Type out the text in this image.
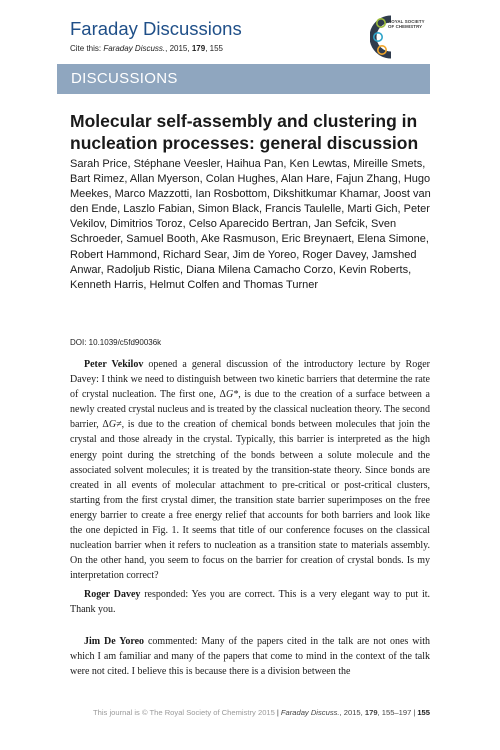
Faraday Discussions
Cite this: Faraday Discuss., 2015, 179, 155
ROYAL SOCIETY OF CHEMISTRY
DISCUSSIONS
Molecular self-assembly and clustering in nucleation processes: general discussion
Sarah Price, Stéphane Veesler, Haihua Pan, Ken Lewtas, Mireille Smets, Bart Rimez, Allan Myerson, Colan Hughes, Alan Hare, Fajun Zhang, Hugo Meekes, Marco Mazzotti, Ian Rosbottom, Dikshitkumar Khamar, Joost van den Ende, Laszlo Fabian, Simon Black, Francis Taulelle, Marti Gich, Peter Vekilov, Dimitrios Toroz, Celso Aparecido Bertran, Jan Sefcik, Sven Schroeder, Samuel Booth, Ake Rasmuson, Eric Breynaert, Elena Simone, Robert Hammond, Richard Sear, Jim de Yoreo, Roger Davey, Jamshed Anwar, Radoljub Ristic, Diana Milena Camacho Corzo, Kevin Roberts, Kenneth Harris, Helmut Colfen and Thomas Turner
DOI: 10.1039/c5fd90036k
Peter Vekilov opened a general discussion of the introductory lecture by Roger Davey: I think we need to distinguish between two kinetic barriers that determine the rate of crystal nucleation. The first one, ΔG*, is due to the creation of a surface between a newly created crystal nucleus and is treated by the classical nucleation theory. The second barrier, ΔG≠, is due to the creation of chemical bonds between molecules that join the crystal and those already in the crystal. Typically, this barrier is interpreted as the high energy point during the stretching of the bonds between a solute molecule and the associated solvent molecules; it is treated by the transition-state theory. Since bonds are created in all events of molecular attachment to pre-critical or post-critical clusters, starting from the first crystal dimer, the transition state barrier superimposes on the free energy barrier to create a free energy relief that accounts for both barriers and look like the one depicted in Fig. 1. It seems that title of our conference focuses on the classical nucleation barrier when it refers to nucleation as a transition state to materials assembly. On the other hand, you seem to focus on the barrier for creation of crystal bonds. Is my interpretation correct?
Roger Davey responded: Yes you are correct. This is a very elegant way to put it. Thank you.
Jim De Yoreo commented: Many of the papers cited in the talk are not ones with which I am familiar and many of the papers that come to mind in the context of the talk were not cited. I believe this is because there is a division between the
This journal is © The Royal Society of Chemistry 2015 | Faraday Discuss., 2015, 179, 155–197 | 155
